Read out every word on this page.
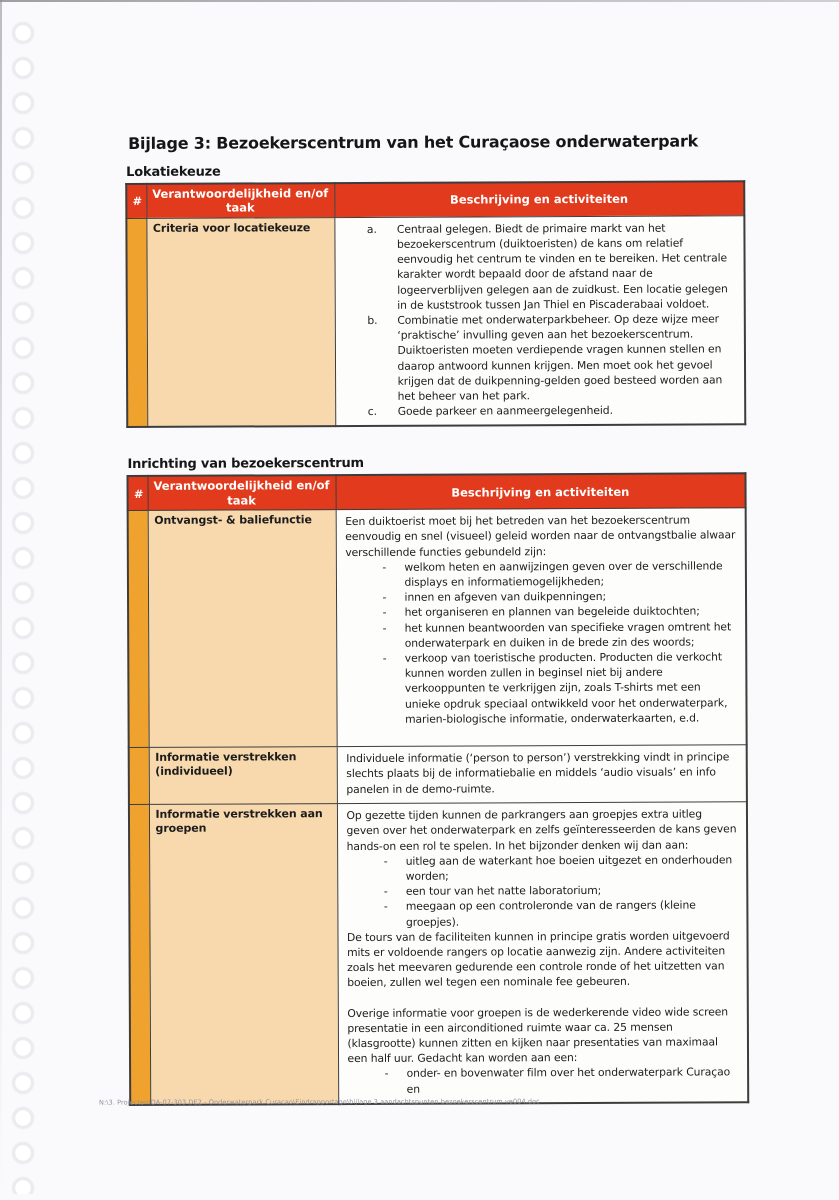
Bijlage 3: Bezoekerscentrum van het Curaçaose onderwaterpark
Lokatiekeuze
#	Verantwoordelijkheid en/of taak	Beschrijving en activiteiten
	Criteria voor locatiekeuze	a.	Centraal gelegen. Biedt de primaire markt van het bezoekerscentrum (duiktoeristen) de kans om relatief eenvoudig het centrum te vinden en te bereiken. Het centrale karakter wordt bepaald door de afstand naar de logeerverblijven gelegen aan de zuidkust. Een locatie gelegen in de kuststrook tussen Jan Thiel en Piscaderabaai voldoet.
b.	Combinatie met onderwaterparkbeheer. Op deze wijze meer ‘praktische’ invulling geven aan het bezoekerscentrum. Duiktoeristen moeten verdiepende vragen kunnen stellen en daarop antwoord kunnen krijgen. Men moet ook het gevoel krijgen dat de duikpenning-gelden goed besteed worden aan het beheer van het park.
c.	Goede parkeer en aanmeergelegenheid.
Inrichting van bezoekerscentrum
#	Verantwoordelijkheid en/of taak	Beschrijving en activiteiten
	Ontvangst- & baliefunctie	Een duiktoerist moet bij het betreden van het bezoekerscentrum eenvoudig en snel (visueel) geleid worden naar de ontvangstbalie alwaar verschillende functies gebundeld zijn:
-	welkom heten en aanwijzingen geven over de verschillende displays en informatiemogelijkheden;
-	innen en afgeven van duikpenningen;
-	het organiseren en plannen van begeleide duiktochten;
-	het kunnen beantwoorden van specifieke vragen omtrent het onderwaterpark en duiken in de brede zin des woords;
-	verkoop van toeristische producten. Producten die verkocht kunnen worden zullen in beginsel niet bij andere verkooppunten te verkrijgen zijn, zoals T-shirts met een unieke opdruk speciaal ontwikkeld voor het onderwaterpark, marien-biologische informatie, onderwaterkaarten, e.d.

	Informatie verstrekken (individueel)	Individuele informatie (‘person to person’) verstrekking vindt in principe slechts plaats bij de informatiebalie en middels ‘audio visuals’ en info panelen in de demo-ruimte.

	Informatie verstrekken aan groepen	
Op gezette tijden kunnen de parkrangers aan groepjes extra uitleg geven over het onderwaterpark en zelfs geïnteresseerden de kans geven hands-on een rol te spelen. In het bijzonder denken wij dan aan:
-	uitleg aan de waterkant hoe boeien uitgezet en onderhouden worden;
-	een tour van het natte laboratorium;
-	meegaan op een controleronde van de rangers (kleine groepjes).
De tours van de faciliteiten kunnen in principe gratis worden uitgevoerd mits er voldoende rangers op locatie aanwezig zijn. Andere activiteiten zoals het meevaren gedurende een controle ronde of het uitzetten van boeien, zullen wel tegen een nominale fee gebeuren.
Overige informatie voor groepen is de wederkerende video wide screen presentatie in een airconditioned ruimte waar ca. 25 mensen (klasgrootte) kunnen zitten en kijken naar presentaties van maximaal een half uur. Gedacht kan worden aan een:
-	onder- en bovenwater film over het onderwaterpark Curaçao en
N:\3. Projecten\OA-07-303 DE2 - Onderwaterpark Curacao\Eindrapportage\bijlage 3 aandachtspunten bezoekerscentrum ve004.doc
